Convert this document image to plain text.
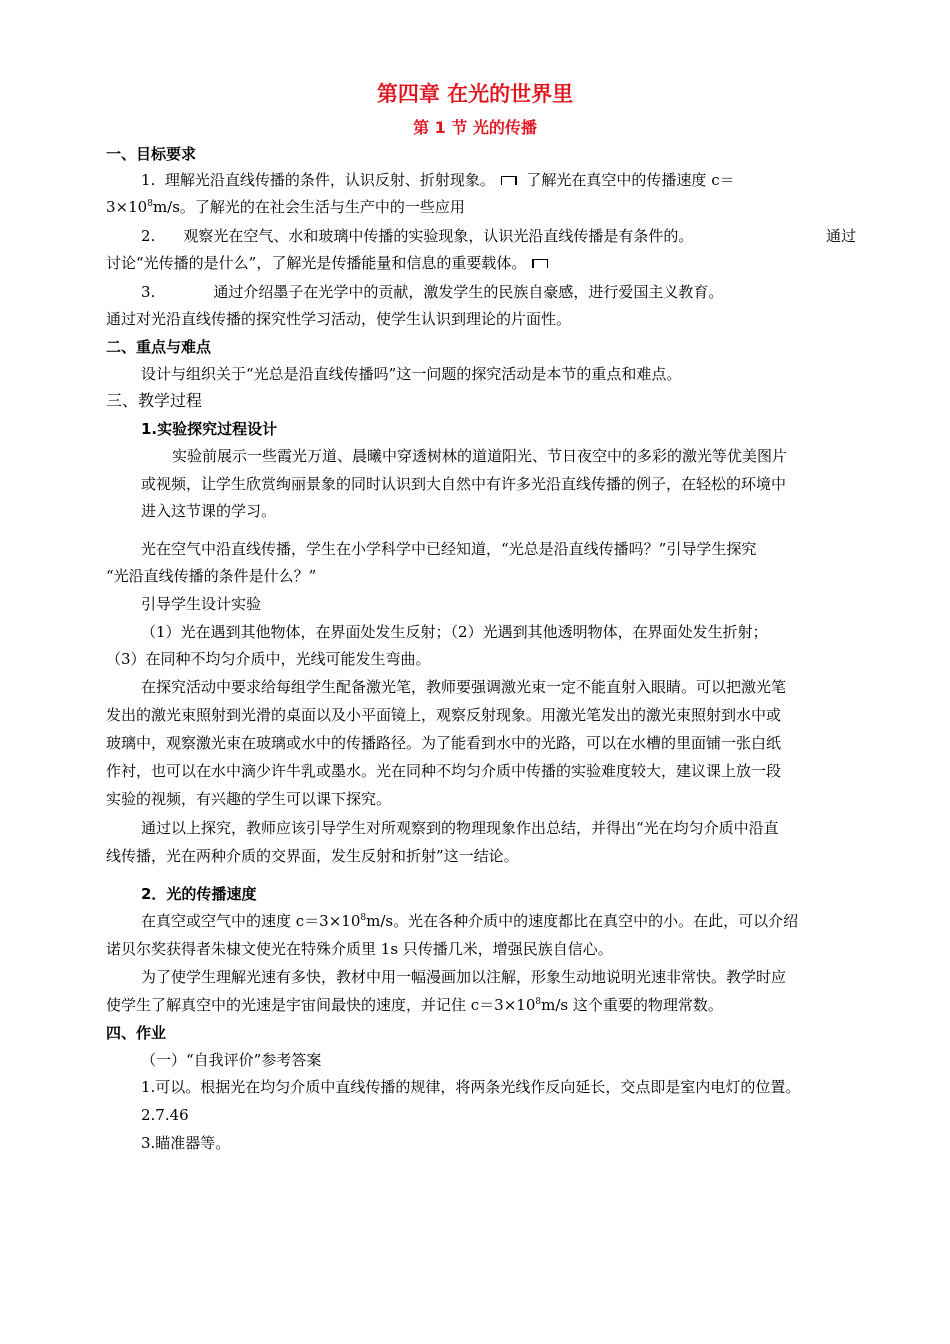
第四章 在光的世界里
第 1 节 光的传播
一、目标要求
1. 理解光沿直线传播的条件，认识反射、折射现象。 了解光在真空中的传播速度 c＝
$3\times 10^8m/s$。了解光的在社会生活与生产中的一些应用
2. 观察光在空气、水和玻璃中传播的实验现象，认识光沿直线传播是有条件的。	通过
讨论“光传播的是什么”，了解光是传播能量和信息的重要载体。
3.	通过介绍墨子在光学中的贡献，激发学生的民族自豪感，进行爱国主义教育。
通过对光沿直线传播的探究性学习活动，使学生认识到理论的片面性。
二、重点与难点
设计与组织关于“光总是沿直线传播吗”这一问题的探究活动是本节的重点和难点。
三、教学过程
1.实验探究过程设计
实验前展示一些霞光万道、晨曦中穿透树林的道道阳光、节日夜空中的多彩的激光等优美图片
或视频，让学生欣赏绚丽景象的同时认识到大自然中有许多光沿直线传播的例子，在轻松的环境中
进入这节课的学习。
光在空气中沿直线传播，学生在小学科学中已经知道，“光总是沿直线传播吗？”引导学生探究
“光沿直线传播的条件是什么？”
引导学生设计实验
（1）光在遇到其他物体，在界面处发生反射；（2）光遇到其他透明物体，在界面处发生折射；
（3）在同种不均匀介质中，光线可能发生弯曲。
在探究活动中要求给每组学生配备激光笔，教师要强调激光束一定不能直射入眼睛。可以把激光笔
发出的激光束照射到光滑的桌面以及小平面镜上，观察反射现象。用激光笔发出的激光束照射到水中或
玻璃中，观察激光束在玻璃或水中的传播路径。为了能看到水中的光路，可以在水槽的里面铺一张白纸
作衬，也可以在水中滴少许牛乳或墨水。光在同种不均匀介质中传播的实验难度较大，建议课上放一段
实验的视频，有兴趣的学生可以课下探究。
通过以上探究，教师应该引导学生对所观察到的物理现象作出总结，并得出“光在均匀介质中沿直
线传播，光在两种介质的交界面，发生反射和折射”这一结论。
2．光的传播速度
在真空或空气中的速度 $c=3\times 10^8m/s$。光在各种介质中的速度都比在真空中的小。在此，可以介绍
诺贝尔奖获得者朱棣文使光在特殊介质里 1s 只传播几米，增强民族自信心。
为了使学生理解光速有多快，教材中用一幅漫画加以注解，形象生动地说明光速非常快。教学时应
使学生了解真空中的光速是宇宙间最快的速度，并记住 $c=3\times 10^8m/s$ 这个重要的物理常数。
四、作业
（一）“自我评价”参考答案
1.可以。根据光在均匀介质中直线传播的规律，将两条光线作反向延长，交点即是室内电灯的位置。
2.7.46
3.瞄准器等。
